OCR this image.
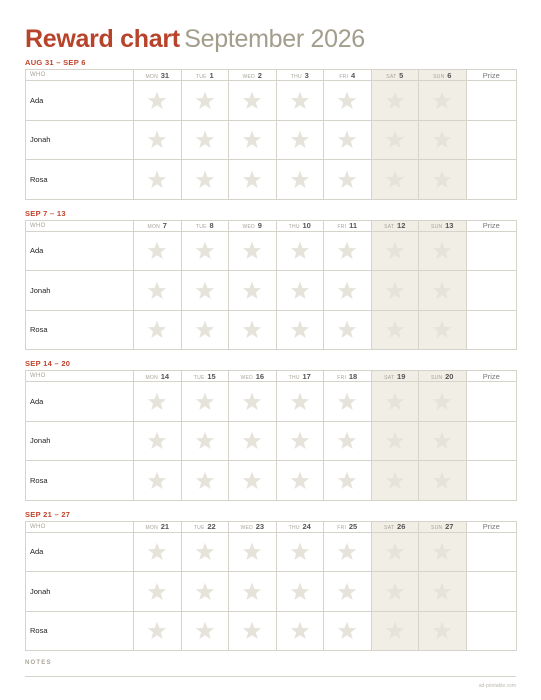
Reward chart September 2026
AUG 31 – SEP 6
WHO	MON 31	TUE 1	WED 2	THU 3	FRI 4	SAT 5	SUN 6	Prize
Ada	

Jonah	

Rosa	

SEP 7 – 13
WHO	MON 7	TUE 8	WED 9	THU 10	FRI 11	SAT 12	SUN 13	Prize
Ada	

Jonah	

Rosa	

SEP 14 – 20
WHO	MON 14	TUE 15	WED 16	THU 17	FRI 18	SAT 19	SUN 20	Prize
Ada	

Jonah	

Rosa	

SEP 21 – 27
WHO	MON 21	TUE 22	WED 23	THU 24	FRI 25	SAT 26	SUN 27	Prize
Ada	

Jonah	

Rosa	

NOTES
ad-printable.com
